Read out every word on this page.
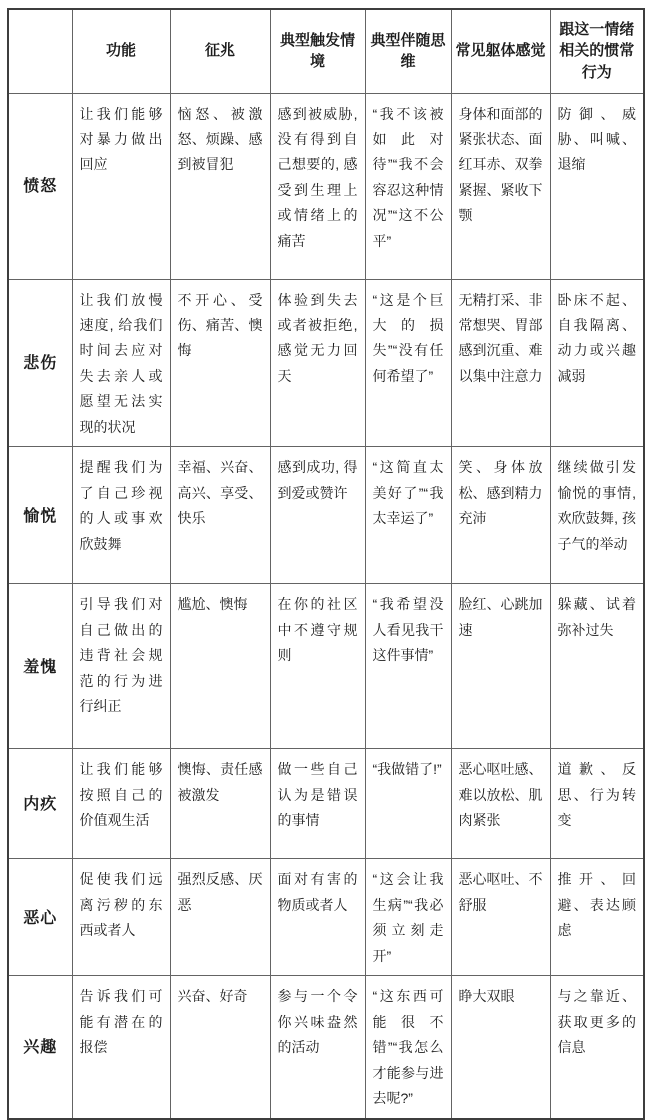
	功能	征兆	典型触发情境	典型伴随思维	常见躯体感觉	跟这一情绪相关的惯常行为
愤怒	让我们能够对暴力做出回应	恼怒、被激怒、烦躁、感到被冒犯	感到被威胁, 没有得到自己想要的, 感受到生理上或情绪上的痛苦	“我不该被如此对待”“我不会容忍这种情况”“这不公平”	身体和面部的紧张状态、面红耳赤、双拳紧握、紧收下颚	防御、威胁、叫喊、退缩
悲伤	让我们放慢速度, 给我们时间去应对失去亲人或愿望无法实现的状况	不开心、受伤、痛苦、懊悔	体验到失去或者被拒绝, 感觉无力回天	“这是个巨大的损失”“没有任何希望了”	无精打采、非常想哭、胃部感到沉重、难以集中注意力	卧床不起、自我隔离、动力或兴趣减弱
愉悦	提醒我们为了自己珍视的人或事欢欣鼓舞	幸福、兴奋、高兴、享受、快乐	感到成功, 得到爱或赞许	“这简直太美好了”“我太幸运了”	笑、身体放松、感到精力充沛	继续做引发愉悦的事情, 欢欣鼓舞, 孩子气的举动
羞愧	引导我们对自己做出的违背社会规范的行为进行纠正	尴尬、懊悔	在你的社区中不遵守规则	“我希望没人看见我干这件事情”	脸红、心跳加速	躲藏、试着弥补过失
内疚	让我们能够按照自己的价值观生活	懊悔、责任感被激发	做一些自己认为是错误的事情	“我做错了!”	恶心呕吐感、难以放松、肌肉紧张	道歉、反思、行为转变
恶心	促使我们远离污秽的东西或者人	强烈反感、厌恶	面对有害的物质或者人	“这会让我生病”“我必须立刻走开”	恶心呕吐、不舒服	推开、回避、表达顾虑
兴趣	告诉我们可能有潜在的报偿	兴奋、好奇	参与一个令你兴味盎然的活动	“这东西可能很不错”“我怎么才能参与进去呢?”	睁大双眼	与之靠近、获取更多的信息
